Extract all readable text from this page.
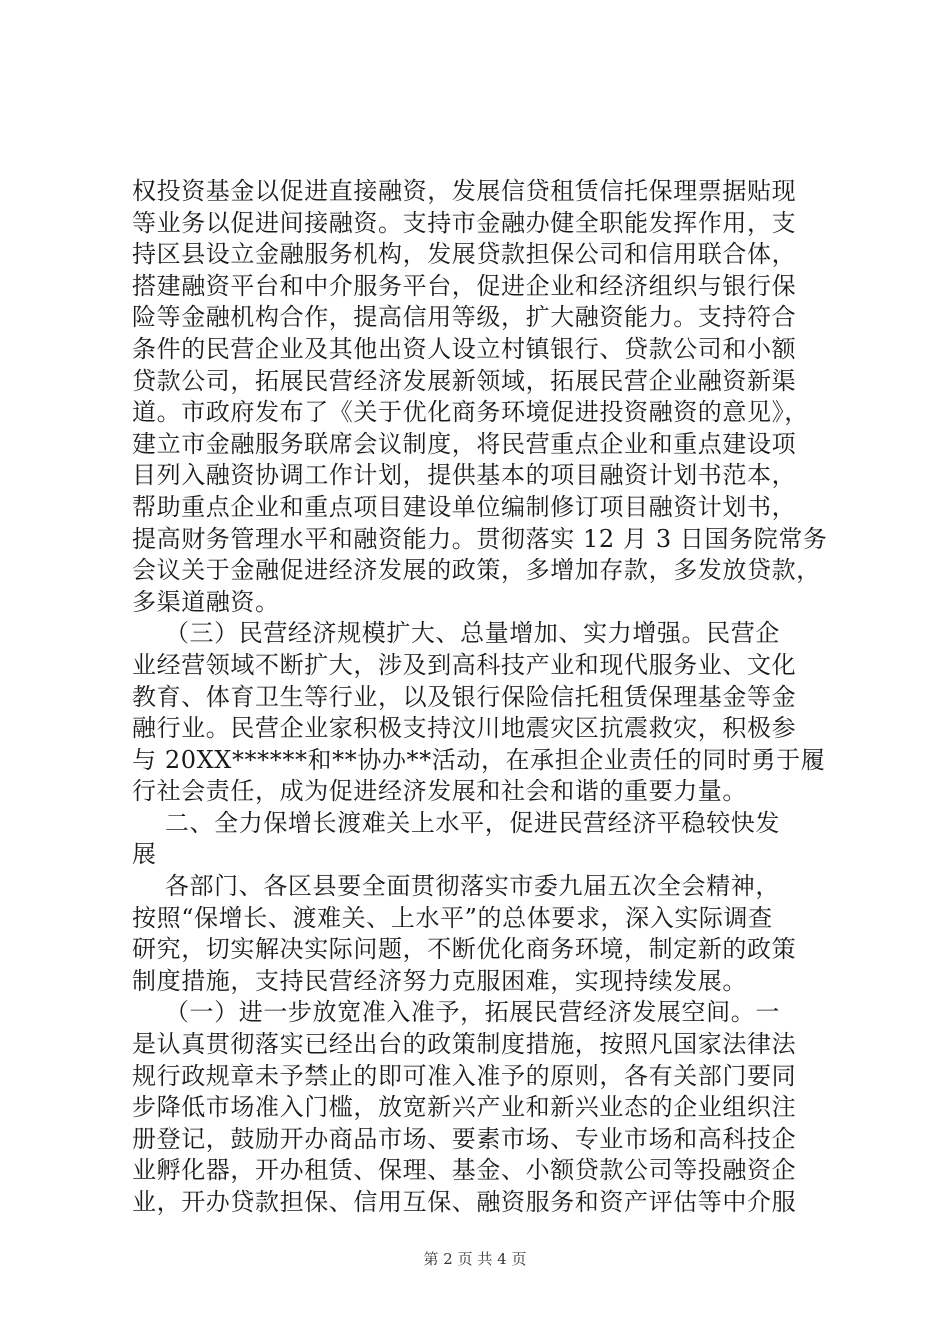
权投资基金以促进直接融资，发展信贷租赁信托保理票据贴现

等业务以促进间接融资。支持市金融办健全职能发挥作用，支

持区县设立金融服务机构，发展贷款担保公司和信用联合体，

搭建融资平台和中介服务平台，促进企业和经济组织与银行保

险等金融机构合作，提高信用等级，扩大融资能力。支持符合

条件的民营企业及其他出资人设立村镇银行、贷款公司和小额

贷款公司，拓展民营经济发展新领域，拓展民营企业融资新渠

道。市政府发布了《关于优化商务环境促进投资融资的意见》，

建立市金融服务联席会议制度，将民营重点企业和重点建设项

目列入融资协调工作计划，提供基本的项目融资计划书范本，

帮助重点企业和重点项目建设单位编制修订项目融资计划书，

提高财务管理水平和融资能力。贯彻落实 12 月 3 日国务院常务

会议关于金融促进经济发展的政策，多增加存款，多发放贷款，

多渠道融资。

（三）民营经济规模扩大、总量增加、实力增强。民营企

业经营领域不断扩大，涉及到高科技产业和现代服务业、文化

教育、体育卫生等行业，以及银行保险信托租赁保理基金等金

融行业。民营企业家积极支持汶川地震灾区抗震救灾，积极参

与 20XX******和**协办**活动，在承担企业责任的同时勇于履

行社会责任，成为促进经济发展和社会和谐的重要力量。

二、全力保增长渡难关上水平，促进民营经济平稳较快发

展

各部门、各区县要全面贯彻落实市委九届五次全会精神，

按照“保增长、渡难关、上水平”的总体要求，深入实际调查

研究，切实解决实际问题，不断优化商务环境，制定新的政策

制度措施，支持民营经济努力克服困难，实现持续发展。

（一）进一步放宽准入准予，拓展民营经济发展空间。一

是认真贯彻落实已经出台的政策制度措施，按照凡国家法律法

规行政规章未予禁止的即可准入准予的原则，各有关部门要同

步降低市场准入门槛，放宽新兴产业和新兴业态的企业组织注

册登记，鼓励开办商品市场、要素市场、专业市场和高科技企

业孵化器，开办租赁、保理、基金、小额贷款公司等投融资企

业，开办贷款担保、信用互保、融资服务和资产评估等中介服

第 2 页 共 4 页
